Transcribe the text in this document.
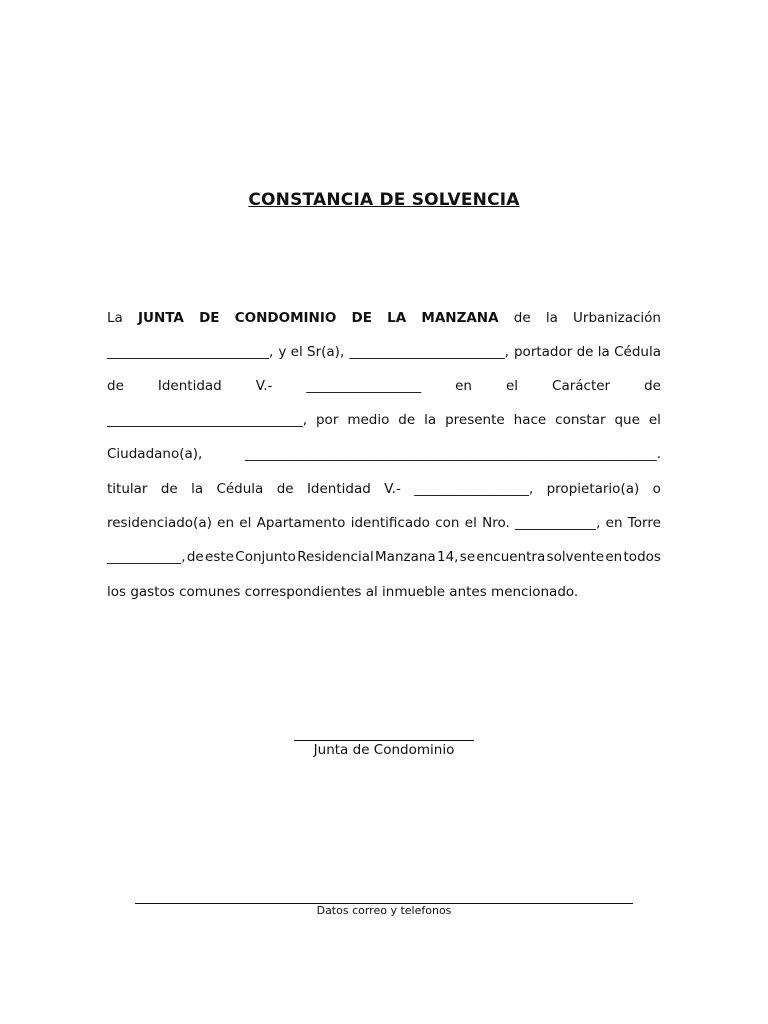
CONSTANCIA DE SOLVENCIA
La JUNTA DE CONDOMINIO DE LA MANZANA de la Urbanización
________________________, y el Sr(a), _______________________, portador de la Cédula
de	Identidad	V.-	_________________	en	el	Carácter	de
_____________________________, por medio de la presente hace constar que el
Ciudadano(a),	_____________________________________________________________.
titular de la Cédula de Identidad V.- _________________, propietario(a) o
residenciado(a) en el Apartamento identificado con el Nro. ____________, en Torre
___________, de este Conjunto Residencial Manzana 14, se encuentra solvente en todos
los gastos comunes correspondientes al inmueble antes mencionado.
Junta de Condominio
Datos correo y telefonos
